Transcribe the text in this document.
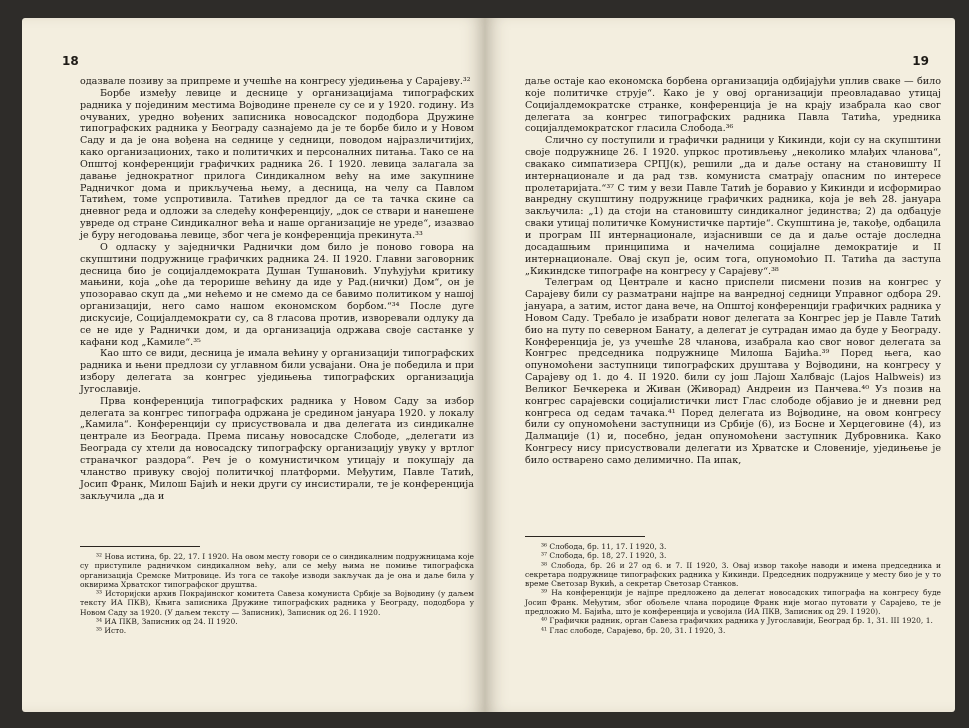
18

одазвале позиву за припреме и учешће на конгресу уједињења у Сарајеву.³²

Борбе између левице и деснице у организацијама типографских радника у појединим местима Војводине пренеле су се и у 1920. годину. Из очуваних, уредно вођених записника новосадског пододбора Дружине типографских радника у Београду сазнајемо да је те борбе било и у Новом Саду и да је она вођена на седнице у седници, поводом најразличитијих, како организационих, тако и политичких и персоналних питања. Тако се на Општој конференцији графичких радника 26. I 1920. левица залагала за давање једнократног прилога Синдикалном већу на име закупнине Радничког дома и прикључења њему, а десница, на челу са Павлом Татићем, томе успротивила. Татићев предлог да се та тачка скине са дневног реда и одложи за следећу конференцију, „док се ствари и нанешене увреде од стране Синдикалног већа и наше организације не уреде“, изазвао је буру негодовања левице, због чега је конференција прекинута.³³

О одласку у заједнички Раднички дом било је поново говора на скупштини подружнице графичких радника 24. II 1920. Главни заговорник десница био је социјалдемократа Душан Тушановић. Упућујући критику мањини, која „оће да терорише већину да иде у Рад.(нички) Дом“, он је упозоравао скуп да „ми нећемо и не смемо да се бавимо политиком у нашој организацији, него само нашом економском борбом.“³⁴ После дуге дискусије, Социјалдемократи су, са 8 гласова против, изворевали одлуку да се не иде у Раднички дом, и да организација одржава своје састанке у кафани код „Камиле“.³⁵

Као што се види, десница је имала већину у организацији типографских радника и њени предлози су углавном били усвајани. Она је победила и при избору делегата за конгрес уједињења типографских организација Југославије.

Прва конференција типографских радника у Новом Саду за избор делегата за конгрес типографа одржана је средином јануара 1920. у локалу „Камила“. Конференцији су присуствовала и два делегата из синдикалне централе из Београда. Према писању новосадске Слободе, „делегати из Београда су хтели да новосадску типографску организацију увуку у вртлог страначког раздора“. Реч је о комунистичком утицају и покушају да чланство привуку својој политичкој платформи. Међутим, Павле Татић, Јосип Франк, Милош Бајић и неки други су инсистирали, те је конференција закључила „да и

³² Нова истина, бр. 22, 17. I 1920. На овом месту говори се о синдикалним подружницама које су приступиле радничком синдикалном већу, али се међу њима не помиње типографска организација Сремске Митровице. Из тога се такође изводи закључак да је она и даље била у оквирима Хрватског типографског друштва.

³³ Историјски архив Покрајинског комитета Савеза комуниста Србије за Војводину (у даљем тексту ИА ПКВ), Књига записника Дружине типографских радника у Београду, пододбора у Новом Саду за 1920. (У даљем тексту — Записник), Записник од 26. I 1920.

³⁴ ИА ПКВ, Записник од 24. II 1920.

³⁵ Исто.

19

даље остаје као економска борбена организација одбијајући уплив сваке — било које политичке струје“. Како је у овој организацији преовладавао утицај Социјалдемократске странке, конференција је на крају изабрала као свог делегата за конгрес типографских радника Павла Татића, уредника социјалдемократског гласила Слобода.³⁶

Слично су поступили и графички радници у Кикинди, који су на скупштини своје подружнице 26. I 1920. упркос противљењу „неколико млађих чланова“, свакако симпатизера СРПЈ(к), решили „да и даље остану на становишту II интернационале и да рад тзв. комуниста сматрају опасним по интересе пролетаријата.“³⁷ С тим у вези Павле Татић је боравио у Кикинди и исформирао ванредну скупштину подружнице графичких радника, која је већ 28. јануара закључила: „1) да стоји на становишту синдикалног јединства; 2) да одбацује сваки утицај политичке Комунистичке партије“. Скупштина је, такође, одбацила и програм III интернационале, изјаснивши се да и даље остаје доследна досадашњим принципима и начелима социјалне демократије и II интернационале. Овај скуп је, осим тога, опуномоћио П. Татића да заступа „Кикиндске типографе на конгресу у Сарајеву“.³⁸

Телеграм од Централе и касно приспели писмени позив на конгрес у Сарајеву били су разматрани најпре на ванредној седници Управног одбора 29. јануара, а затим, истог дана вече, на Општој конференцији графичких радника у Новом Саду. Требало је изабрати новог делегата за Конгрес јер је Павле Татић био на путу по северном Банату, а делегат је сутрадан имао да буде у Београду. Конференција је, уз учешће 28 чланова, изабрала као свог новог делегата за Конгрес председника подружнице Милоша Бајића.³⁹ Поред њега, као опуномоћени заступници типографских друштава у Војводини, на конгресу у Сарајеву од 1. до 4. II 1920. били су још Лајош Халбвајс (Lajos Halbweis) из Великог Бечкерека и Живан (Живорад) Андреин из Панчева.⁴⁰ Уз позив на конгрес сарајевски социјалистички лист Глас слободе објавио је и дневни ред конгреса од седам тачака.⁴¹ Поред делегата из Војводине, на овом конгресу били су опуномоћени заступници из Србије (6), из Босне и Херцеговине (4), из Далмације (1) и, посебно, један опуномоћени заступник Дубровника. Како Конгресу нису присуствовали делегати из Хрватске и Словеније, уједињење је било остварено само делимично. Па ипак,

³⁶ Слобода, бр. 11, 17. I 1920, 3.

³⁷ Слобода, бр. 18, 27. I 1920, 3.

³⁸ Слобода, бр. 26 и 27 од 6. и 7. II 1920, 3. Овај извор такође наводи и имена председника и секретара подружнице типографских радника у Кикинди. Председник подружнице у месту био је у то време Светозар Вукић, а секретар Светозар Станков.

³⁹ На конференцији је најпре предложено да делегат новосадских типографа на конгресу буде Јосип Франк. Међутим, због обољеле члана породице Франк није могао путовати у Сарајево, те је предложио М. Бајића, што је конференција и усвојила (ИА ПКВ, Записник од 29. I 1920).

⁴⁰ Графички радник, орган Савеза графичких радника у Југославији, Београд бр. 1, 31. III 1920, 1.

⁴¹ Глас слободе, Сарајево, бр. 20, 31. I 1920, 3.
